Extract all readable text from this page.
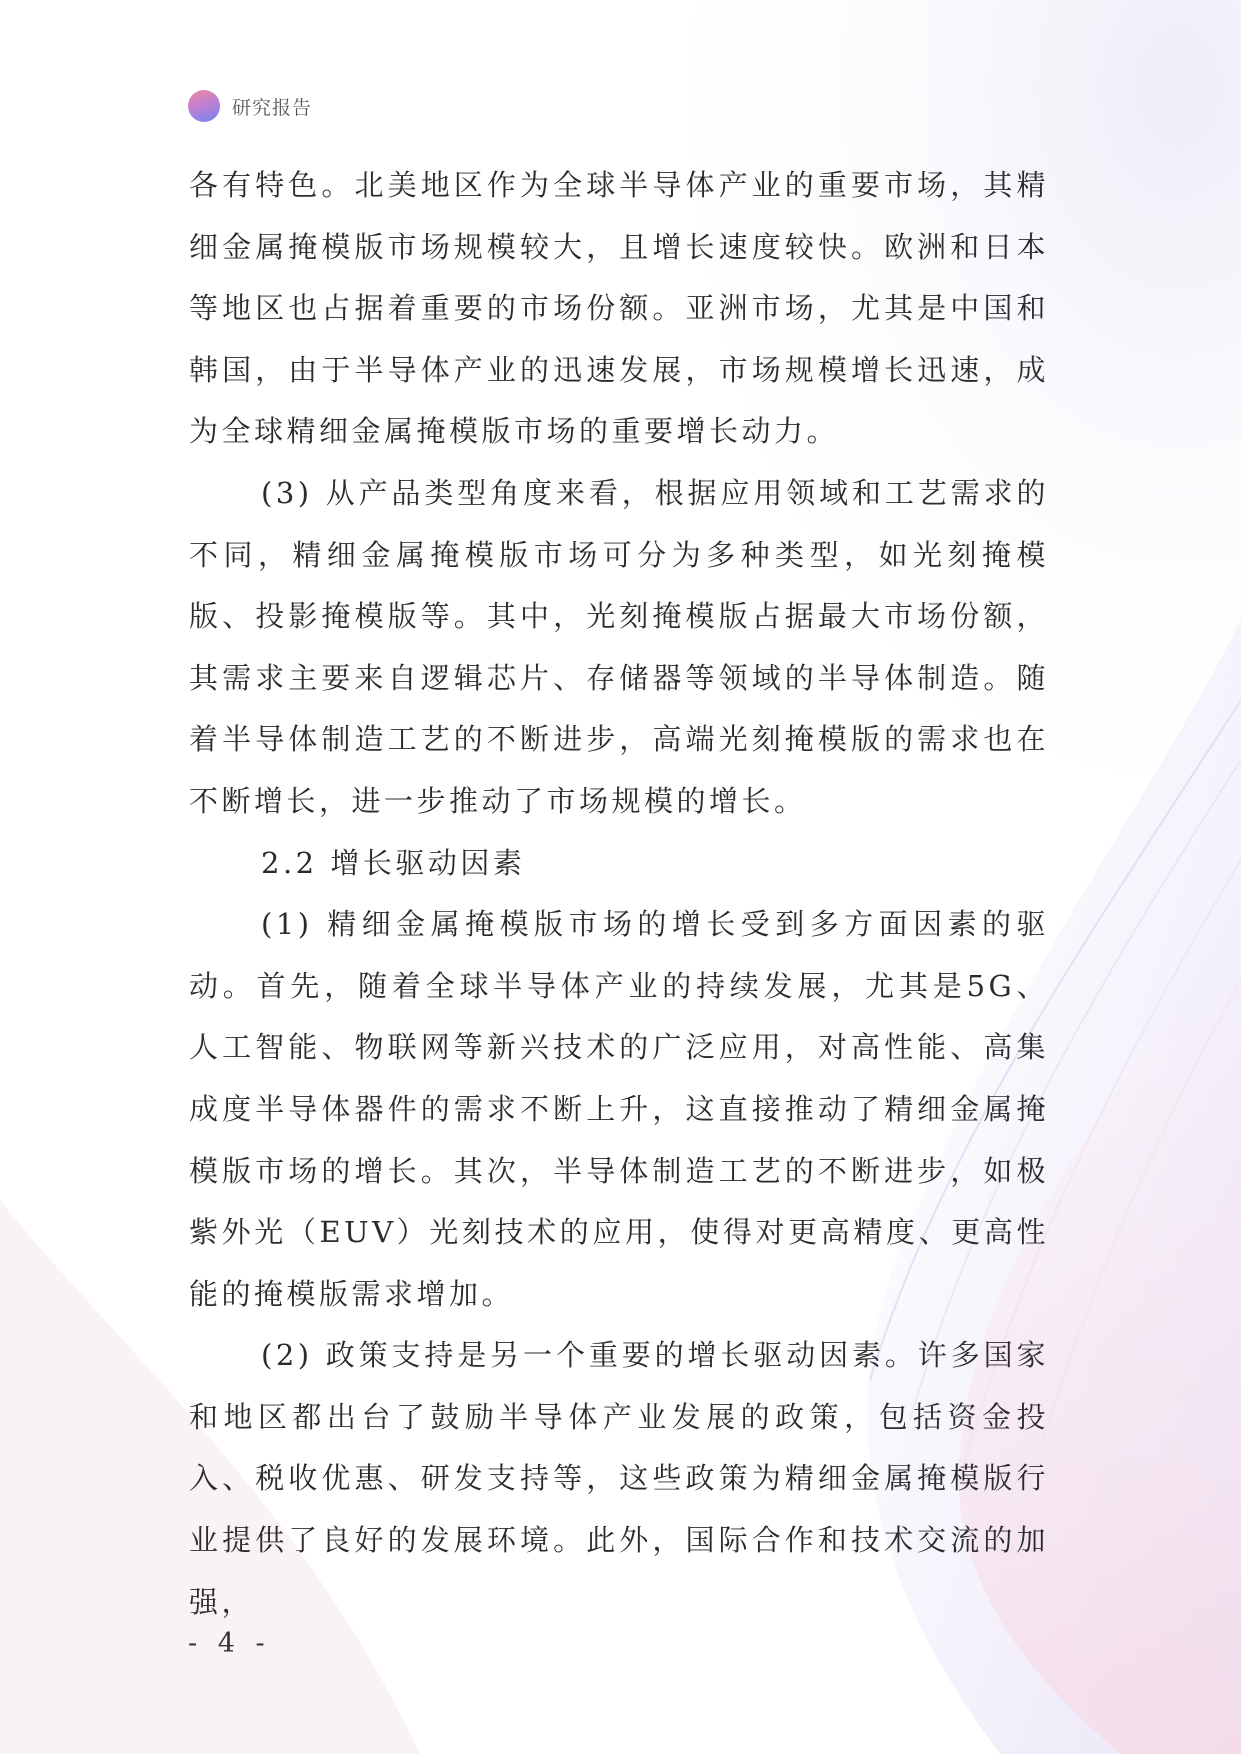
研究报告

各有特色。北美地区作为全球半导体产业的重要市场，其精细金属掩模版市场规模较大，且增长速度较快。欧洲和日本等地区也占据着重要的市场份额。亚洲市场，尤其是中国和韩国，由于半导体产业的迅速发展，市场规模增长迅速，成为全球精细金属掩模版市场的重要增长动力。

(3) 从产品类型角度来看，根据应用领域和工艺需求的不同，精细金属掩模版市场可分为多种类型，如光刻掩模版、投影掩模版等。其中，光刻掩模版占据最大市场份额，其需求主要来自逻辑芯片、存储器等领域的半导体制造。随着半导体制造工艺的不断进步，高端光刻掩模版的需求也在不断增长，进一步推动了市场规模的增长。

2.2 增长驱动因素

(1) 精细金属掩模版市场的增长受到多方面因素的驱动。首先，随着全球半导体产业的持续发展，尤其是5G、人工智能、物联网等新兴技术的广泛应用，对高性能、高集成度半导体器件的需求不断上升，这直接推动了精细金属掩模版市场的增长。其次，半导体制造工艺的不断进步，如极紫外光（EUV）光刻技术的应用，使得对更高精度、更高性能的掩模版需求增加。

(2) 政策支持是另一个重要的增长驱动因素。许多国家和地区都出台了鼓励半导体产业发展的政策，包括资金投入、税收优惠、研发支持等，这些政策为精细金属掩模版行业提供了良好的发展环境。此外，国际合作和技术交流的加强，

- 4 -
